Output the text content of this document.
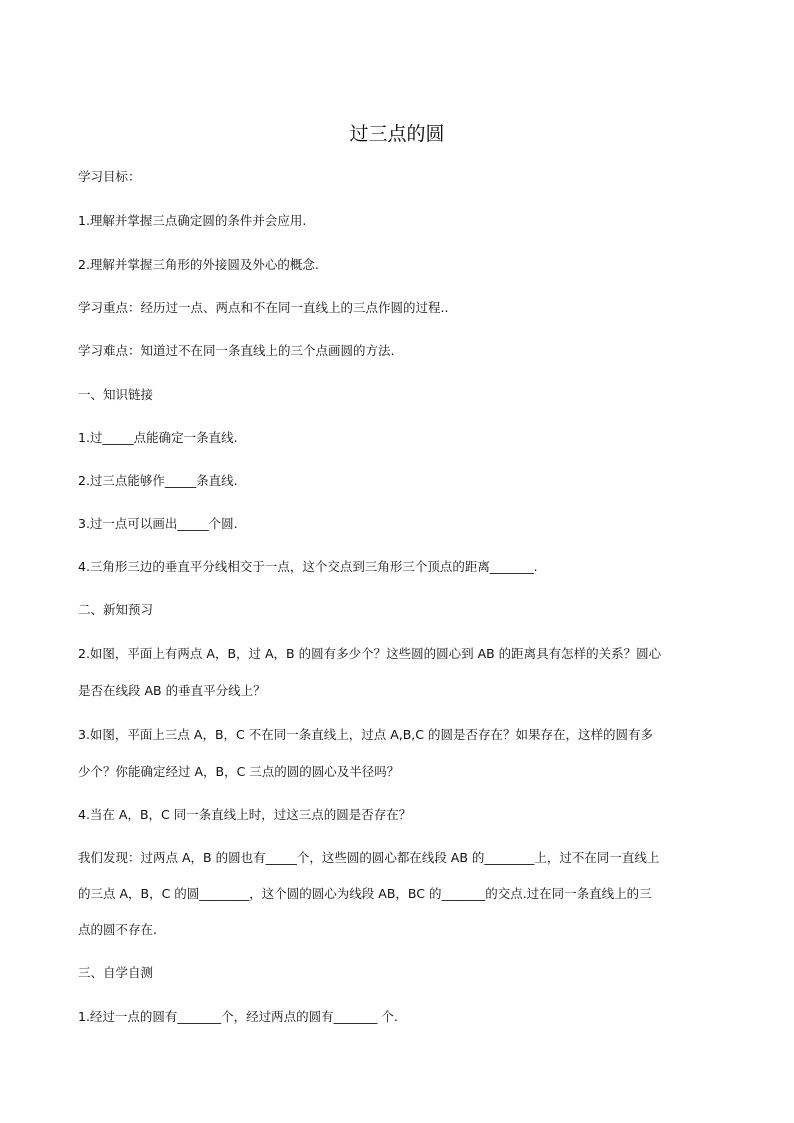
过三点的圆
学习目标：
1.理解并掌握三点确定圆的条件并会应用.
2.理解并掌握三角形的外接圆及外心的概念.
学习重点：经历过一点、两点和不在同一直线上的三点作圆的过程..
学习难点：知道过不在同一条直线上的三个点画圆的方法.
一、知识链接
1.过_____点能确定一条直线.
2.过三点能够作_____条直线.
3.过一点可以画出_____个圆.
4.三角形三边的垂直平分线相交于一点，这个交点到三角形三个顶点的距离_______.
二、新知预习
2.如图，平面上有两点 A，B，过 A，B 的圆有多少个？这些圆的圆心到 AB 的距离具有怎样的关系？圆心
是否在线段 AB 的垂直平分线上？
3.如图，平面上三点 A，B，C 不在同一条直线上，过点 A,B,C 的圆是否存在？如果存在，这样的圆有多
少个？你能确定经过 A，B，C 三点的圆的圆心及半径吗？
4.当在 A，B，C 同一条直线上时，过这三点的圆是否存在？
我们发现：过两点 A，B 的圆也有_____个，这些圆的圆心都在线段 AB 的________上，过不在同一直线上
的三点 A，B，C 的圆________，这个圆的圆心为线段 AB，BC 的_______的交点.过在同一条直线上的三
点的圆不存在.
三、自学自测
1.经过一点的圆有_______个，经过两点的圆有_______ 个.
